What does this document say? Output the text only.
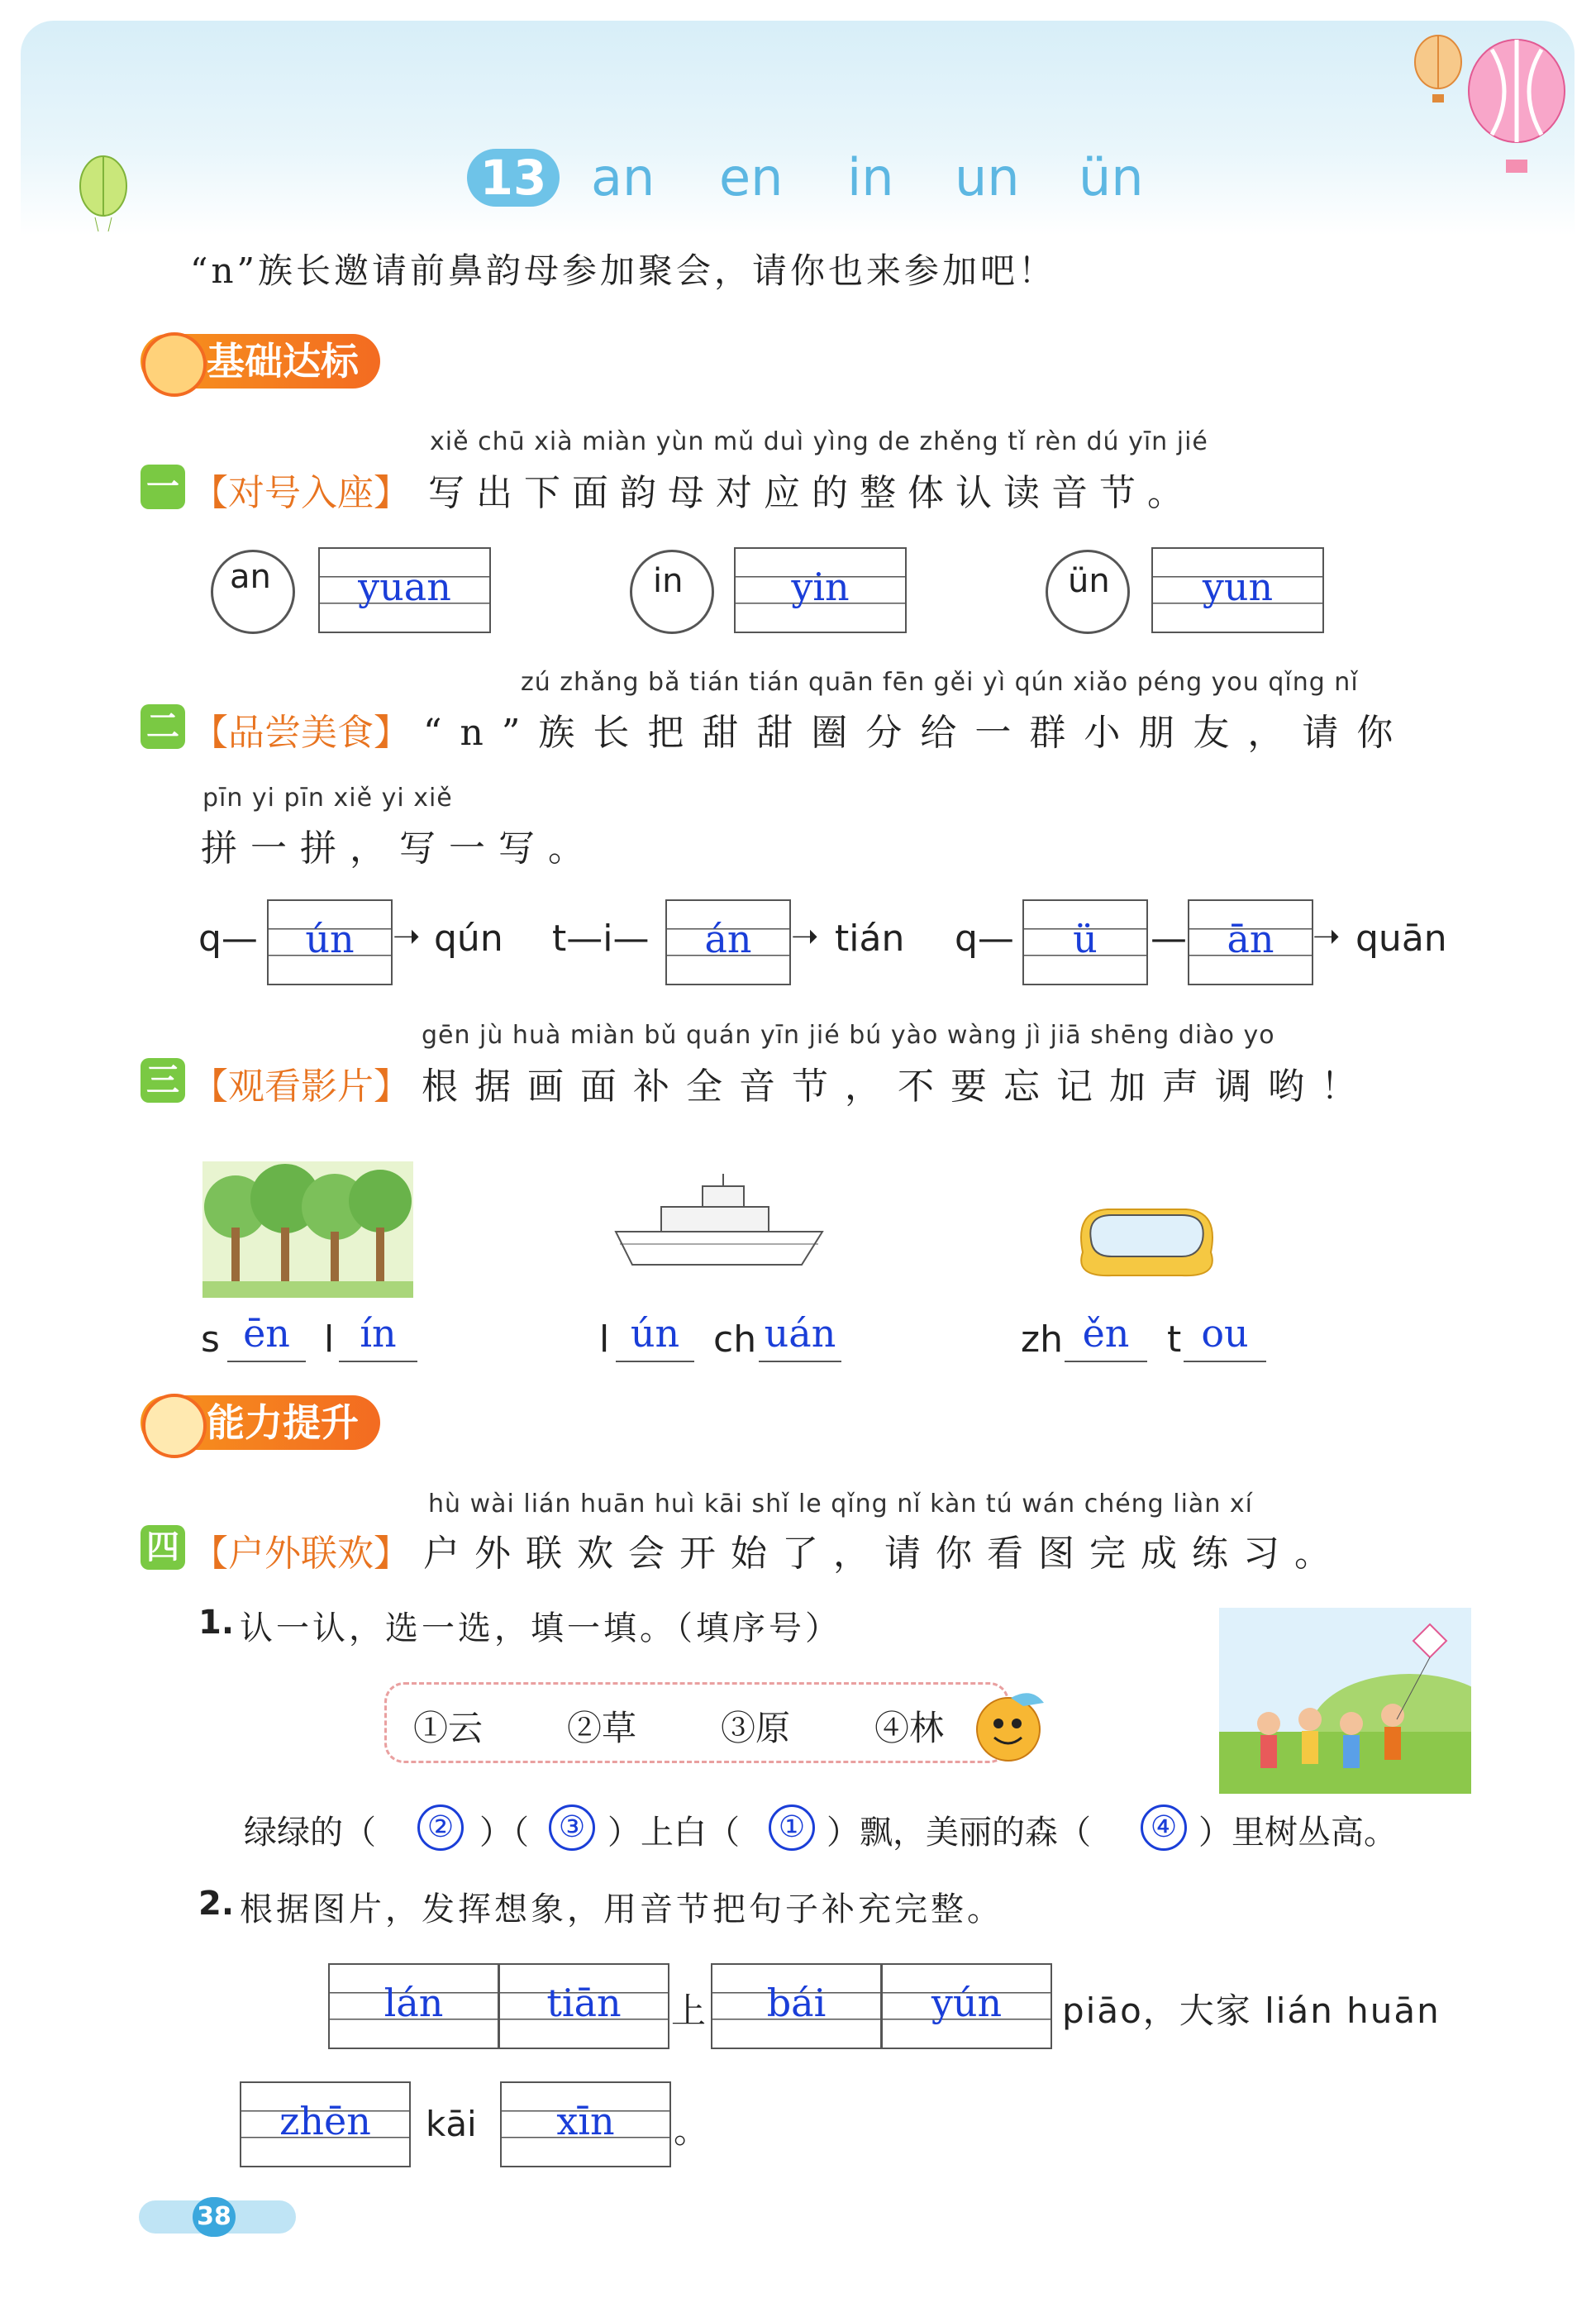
13 an en in un ün
“n”族长邀请前鼻韵母参加聚会，请你也来参加吧！
基础达标
xiě chū xià miàn yùn mǔ duì yìng de zhěng tǐ rèn dú yīn jié
一 【对号入座】 写出下面韵母对应的整体认读音节。
an	yuan	in	yin	ün	yun
zú zhǎng bǎ tián tián quān fēn gěi yì qún xiǎo péng you qǐng nǐ
二 【品尝美食】 “n”族长把甜甜圈分给一群小朋友，请你
pīn yi pīn xiě yi xiě
拼一拼，写一写。
q—	ún	➝ qún t—i—	án	➝ tián q—	ü	—	ān	➝ quān
gēn jù huà miàn bǔ quán yīn jié bú yào wàng jì jiā shēng diào yo
三 【观看影片】 根据画面补全音节，不要忘记加声调哟！
s ēn l ín	l ún ch uán	zh ěn	t ou
能力提升
hù wài lián huān huì kāi shǐ le qǐng nǐ kàn tú wán chéng liàn xí
四 【户外联欢】 户外联欢会开始了，请你看图完成练习。
1. 认一认，选一选，填一填。（填序号）
①云 ②草 ③原 ④林
绿绿的（	② ）（ ③ ）上白（	① ）飘，美丽的森（	④ ）里树丛高。
2. 根据图片，发挥想象，用音节把句子补充完整。
lán	tiān	上	bái	yún	piāo，大家 lián huān
zhēn	kāi	xīn	。
38
